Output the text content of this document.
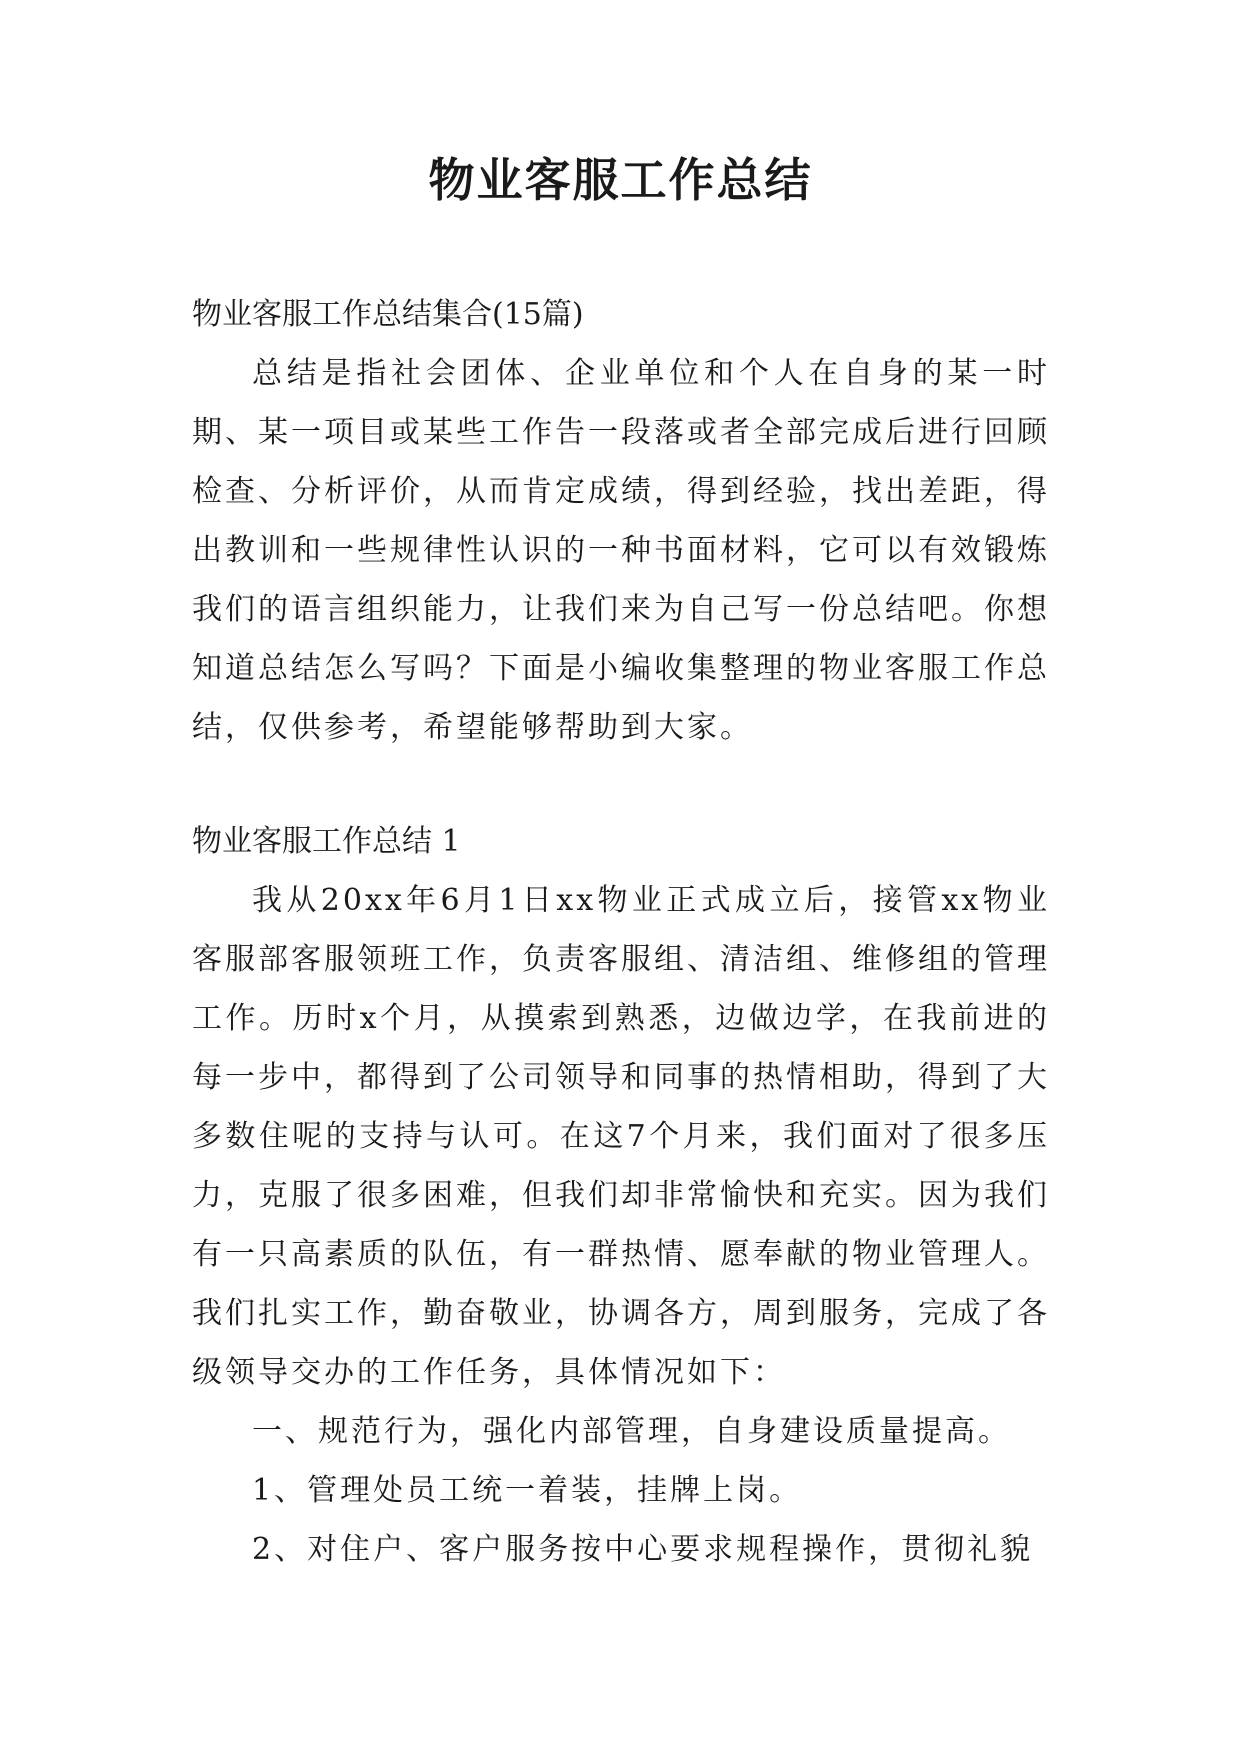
物业客服工作总结

物业客服工作总结集合(15篇)

总结是指社会团体、企业单位和个人在自身的某一时期、某一项目或某些工作告一段落或者全部完成后进行回顾检查、分析评价，从而肯定成绩，得到经验，找出差距，得出教训和一些规律性认识的一种书面材料，它可以有效锻炼我们的语言组织能力，让我们来为自己写一份总结吧。你想知道总结怎么写吗？下面是小编收集整理的物业客服工作总结，仅供参考，希望能够帮助到大家。

物业客服工作总结 1

我从20xx年6月1日xx物业正式成立后，接管xx物业客服部客服领班工作，负责客服组、清洁组、维修组的管理工作。历时x个月，从摸索到熟悉，边做边学，在我前进的每一步中，都得到了公司领导和同事的热情相助，得到了大多数住呢的支持与认可。在这7个月来，我们面对了很多压力，克服了很多困难，但我们却非常愉快和充实。因为我们有一只高素质的队伍，有一群热情、愿奉献的物业管理人。我们扎实工作，勤奋敬业，协调各方，周到服务，完成了各级领导交办的工作任务，具体情况如下：

一、规范行为，强化内部管理，自身建设质量提高。

1、管理处员工统一着装，挂牌上岗。

2、对住户、客户服务按中心要求规程操作，贯彻礼貌
